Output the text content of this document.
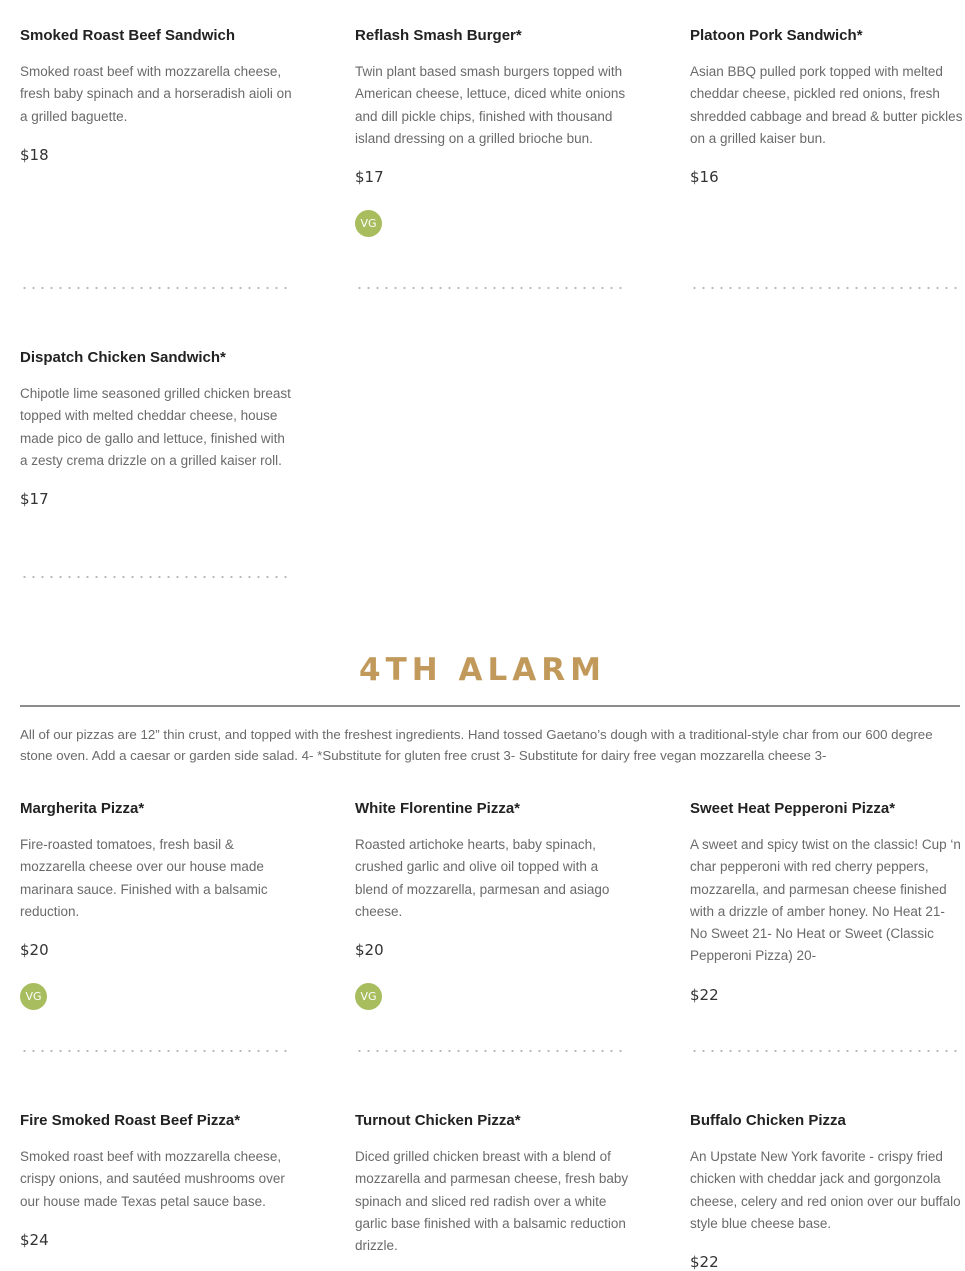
Smoked Roast Beef Sandwich
Smoked roast beef with mozzarella cheese, fresh baby spinach and a horseradish aioli on a grilled baguette.
$18
Reflash Smash Burger*
Twin plant based smash burgers topped with American cheese, lettuce, diced white onions and dill pickle chips, finished with thousand island dressing on a grilled brioche bun.
$17
VG
Platoon Pork Sandwich*
Asian BBQ pulled pork topped with melted cheddar cheese, pickled red onions, fresh shredded cabbage and bread & butter pickles on a grilled kaiser bun.
$16
Dispatch Chicken Sandwich*
Chipotle lime seasoned grilled chicken breast topped with melted cheddar cheese, house made pico de gallo and lettuce, finished with a zesty crema drizzle on a grilled kaiser roll.
$17
4TH ALARM
All of our pizzas are 12” thin crust, and topped with the freshest ingredients. Hand tossed Gaetano’s dough with a traditional-style char from our 600 degree stone oven. Add a caesar or garden side salad. 4- *Substitute for gluten free crust 3- Substitute for dairy free vegan mozzarella cheese 3-
Margherita Pizza*
Fire-roasted tomatoes, fresh basil & mozzarella cheese over our house made marinara sauce. Finished with a balsamic reduction.
$20
VG
White Florentine Pizza*
Roasted artichoke hearts, baby spinach, crushed garlic and olive oil topped with a blend of mozzarella, parmesan and asiago cheese.
$20
VG
Sweet Heat Pepperoni Pizza*
A sweet and spicy twist on the classic! Cup ‘n char pepperoni with red cherry peppers, mozzarella, and parmesan cheese finished with a drizzle of amber honey. No Heat 21- No Sweet 21- No Heat or Sweet (Classic Pepperoni Pizza) 20-
$22
Fire Smoked Roast Beef Pizza*
Smoked roast beef with mozzarella cheese, crispy onions, and sautéed mushrooms over our house made Texas petal sauce base.
$24
Turnout Chicken Pizza*
Diced grilled chicken breast with a blend of mozzarella and parmesan cheese, fresh baby spinach and sliced red radish over a white garlic base finished with a balsamic reduction drizzle.
Buffalo Chicken Pizza
An Upstate New York favorite - crispy fried chicken with cheddar jack and gorgonzola cheese, celery and red onion over our buffalo style blue cheese base.
$22
